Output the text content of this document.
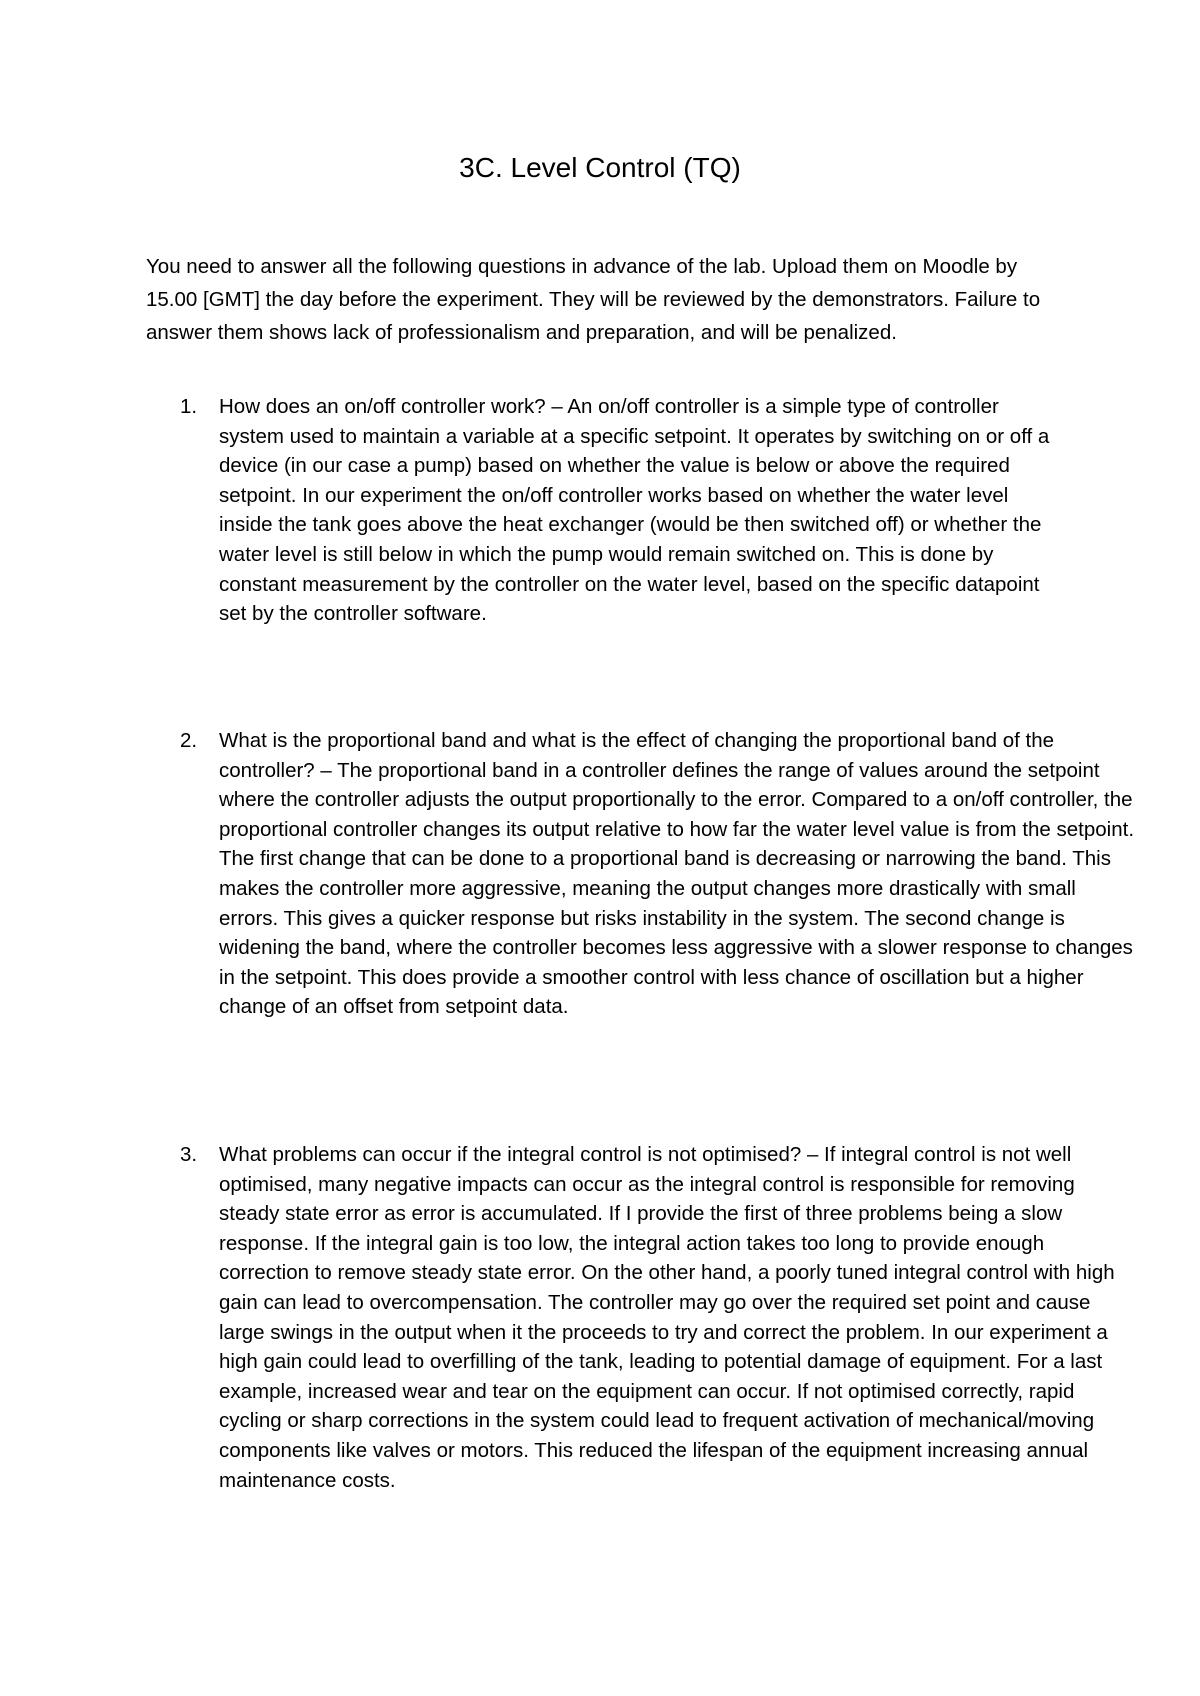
3C. Level Control (TQ)

You need to answer all the following questions in advance of the lab. Upload them on Moodle by 15.00 [GMT] the day before the experiment. They will be reviewed by the demonstrators. Failure to answer them shows lack of professionalism and preparation, and will be penalized.

1. How does an on/off controller work? – An on/off controller is a simple type of controller system used to maintain a variable at a specific setpoint. It operates by switching on or off a device (in our case a pump) based on whether the value is below or above the required setpoint. In our experiment the on/off controller works based on whether the water level inside the tank goes above the heat exchanger (would be then switched off) or whether the water level is still below in which the pump would remain switched on. This is done by constant measurement by the controller on the water level, based on the specific datapoint set by the controller software.
2. What is the proportional band and what is the effect of changing the proportional band of the controller? – The proportional band in a controller defines the range of values around the setpoint where the controller adjusts the output proportionally to the error. Compared to a on/off controller, the proportional controller changes its output relative to how far the water level value is from the setpoint. The first change that can be done to a proportional band is decreasing or narrowing the band. This makes the controller more aggressive, meaning the output changes more drastically with small errors. This gives a quicker response but risks instability in the system. The second change is widening the band, where the controller becomes less aggressive with a slower response to changes in the setpoint. This does provide a smoother control with less chance of oscillation but a higher change of an offset from setpoint data.
3. What problems can occur if the integral control is not optimised? – If integral control is not well optimised, many negative impacts can occur as the integral control is responsible for removing steady state error as error is accumulated. If I provide the first of three problems being a slow response. If the integral gain is too low, the integral action takes too long to provide enough correction to remove steady state error. On the other hand, a poorly tuned integral control with high gain can lead to overcompensation. The controller may go over the required set point and cause large swings in the output when it the proceeds to try and correct the problem. In our experiment a high gain could lead to overfilling of the tank, leading to potential damage of equipment. For a last example, increased wear and tear on the equipment can occur. If not optimised correctly, rapid cycling or sharp corrections in the system could lead to frequent activation of mechanical/moving components like valves or motors. This reduced the lifespan of the equipment increasing annual maintenance costs.
